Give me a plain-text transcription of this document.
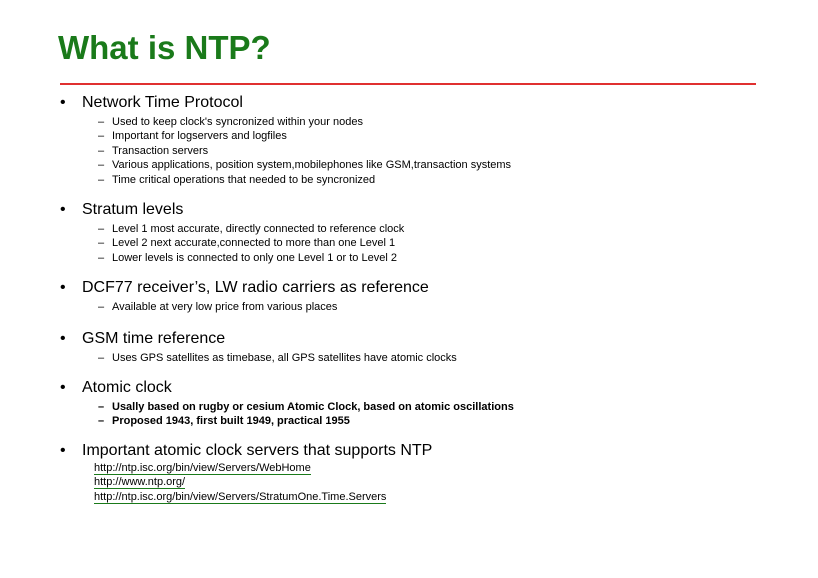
What is NTP?
•	Network Time Protocol
– Used to keep clock's syncronized within your nodes
– Important for logservers and logfiles
– Transaction servers
– Various applications, position system,mobilephones like GSM,transaction systems
– Time critical operations that needed to be syncronized
•	Stratum levels
– Level 1 most accurate, directly connected to reference clock
– Level 2 next accurate,connected to more than one Level 1
– Lower levels is connected to only one Level 1 or to Level 2
•	DCF77 receiver’s, LW radio carriers as reference
– Available at very low price from various places
•	GSM time reference
– Uses GPS satellites as timebase, all GPS satellites have atomic clocks
•	Atomic clock
– Usally based on rugby or cesium Atomic Clock, based on atomic oscillations
– Proposed 1943, first built 1949, practical 1955
•	Important atomic clock servers that supports NTP
http://ntp.isc.org/bin/view/Servers/WebHome
http://www.ntp.org/
http://ntp.isc.org/bin/view/Servers/StratumOne.Time.Servers
